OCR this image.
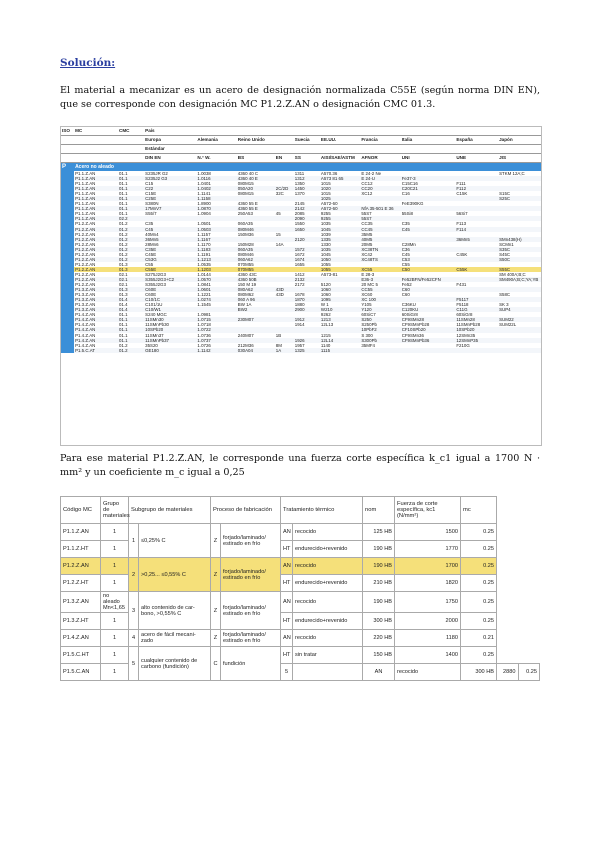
Solución:
El material a mecanizar es un acero de designación normalizada C55E (según norma DIN EN), que se corresponde con designación MC P1.2.Z.AN o designación CMC 01.3.
ISO	MC	CMC	País									
			Europa	Alemania	Reino Unido		Suecia	EE.UU.	Francia	Italia	España	Japón
			Estándar									
			DIN EN	N.° W.	BS	EN	SS	AISI/SAE/ASTM	AFNOR	UNI	UNE	JIS
P	Acero no aleado											
	P1.1.Z.AN	01.1	S235JR G2	1.0038	4360 40 C		1311	A570.36	E 24-2 Ne			STKM 12A;C
	P1.1.Z.AN	01.1	S235J2 G3	1.0116	4360 40 E		1312	A573 81 65	E 24-U	Fe37-3		
	P1.1.Z.AN	01.1	C15	1.0401	080M15		1350	1015	CC12	C15C16	F111	
	P1.1.Z.AN	01.1	C22	1.0402	050A20	2C/2D	1450	1020	CC20	C20C21	F112	
	P1.1.Z.AN	01.1	C15E	1.1141	080M15	32C	1370	1015	XC12	C16	C15K	S15C
	P1.1.Z.AN	01.1	C25E	1.1158				1025				S25C
	P1.1.Z.AN	01.1	S380N	1.8900	4360 55 E		2145	A572-60		FeE390KG		
	P1.1.Z.AN	01.1	17MnV7	1.0870	4360 55 E		2142	A572-60	NfA 35-501 E 36			
	P1.1.Z.AN	01.1	S55/7	1.0904	250A53	45	2085	9255	55S7	55Si8	56Si7	
	P1.1.Z.AN	02.2					2090	9255	55S7			
	P1.2.Z.AN	01.2	C35	1.0501	060A35		1550	1035	CC35	C35	F113	
	P1.2.Z.AN	01.2	C45	1.0503	080M46		1650	1045	CC45	C45	F114	
	P1.2.Z.AN	01.2	40Mn4	1.1157	150M36	15		1039	35M5			
	P1.2.Z.AN	01.2	36Mn5	1.1167			2120	1335	40M5		36Mn5	SMn438(H)
	P1.2.Z.AN	01.2	28Mn6	1.1170	150M28	14A		1330	20M5	C28Mn		SCMn1
	P1.2.Z.AN	01.2	C35E	1.1183	060A35		1572	1035	XC38TN	C36		S35C
	P1.2.Z.AN	01.2	C45E	1.1191	080M46		1672	1045	XC42	C45	C45K	S45C
	P1.2.Z.AN	01.2	C53G	1.1213	060A62		1674	1050	XC48TS	C53		S50C
	P1.2.Z.AN	01.3	C55	1.0535	070M55		1655	1055		C55		
	P1.2.Z.AN	01.3	C55E	1.1203	070M55			1055	XC55	C50	C55K	S55C
	P1.2.Z.AN	02.1	S275J2G3	1.0144	4360 43C		1412	A573-81	E 28-3			SM 400A;B;C
	P1.2.Z.AN	02.1	S355J2G3+C2	1.0570	4360 50B		2132		E36-3	Fe52BFN/Fe52CFN		SM490A;B;C;YA;YB
	P1.2.Z.AN	02.1	S355J2G3	1.0841	150 M 19		2172	5120	20 MC 5	Fe52	F431	
	P1.3.Z.AN	01.3	C60E	1.0601	080A62	43D		1060	CC55	C60		
	P1.3.Z.AN	01.3	C60E	1.1221	080M62	43D	1678	1060	XC60	C60		S58C
	P1.3.Z.AN	01.4	C10/1C	1.0274	060 A 96		1870	1095	XC 100		F5117	
	P1.3.Z.AN	01.4	C101/1U	1.1545	BW 1A		1880	W 1	Y105	C36KU	F5118	SK 3
	P1.3.Z.AN	01.4	C10/W1		BW2		2900	W210	Y120	C120KU	C11G	SUP4
	P1.4.Z.AN	01.1	S240 MGC	1.0981				9262	60SiC7	60SiGr8	60SiGr8	
	P1.4.Z.AN	01.1	11SMn30	1.0715	230M07		1912	1213	S250	CF9SMn28	11SMn28	SUM22
	P1.4.Z.AN	01.1	11SMnPb30	1.0718			1914	12L13	S250Pb	CF9SMnPb28	11SMnPb28	SUM22L
	P1.4.Z.AN	01.1	10SPb20	1.0722					10PbF2	CF10SPb20	10SPb20	
	P1.4.Z.AN	01.1	11SMn37	1.0736	240M07	1B		1215	S 300	CF9SMn36	12SMn35	
	P1.4.Z.AN	01.1	11SMnPb37	1.0737			1926	12L14	S300Pb	CF9SMnPb36	12SMnP35	
	P1.4.Z.AN	01.2	35S20	1.0726	212M36	8M	1957	1140	35MF4		F210G	
	P1.5.C.AT	01.2	GE180	1.1142	030A04	1A	1325	1115				
Para ese material P1.2.Z.AN, le corresponde una fuerza corte específica k_c1 igual a 1700 N · mm² y un coeficiente m_c igual a 0,25
Código MC	Grupo de materiales	Subgrupo de materiales		Proceso de fabricación		Tratamiento térmico		nom	Fuerza de corte específica, kc1 (N/mm²)	mc		
P1.1.Z.AN	1	1	≤0,25% C	Z	forjado/laminado/ estirado en frío	AN	recocido	125 HB	1500	0.25		
P1.1.Z.HT	1					HT	endurecido+revenido	190 HB	1770	0.25		
P1.2.Z.AN	1	2	>0,25... ≤0,55% C	Z	forjado/laminado/ estirado en frío	AN	recocido	190 HB	1700	0.25		
P1.2.Z.HT	1					HT	endurecido+revenido	210 HB	1820	0.25		
P1.3.Z.AN	no aleado Mn<1,65	3	alto contenido de car- bono, >0,55% C	Z	forjado/laminado/ estirado en frío	AN	recocido	190 HB	1750	0.25		
P1.3.Z.HT	1					HT	endurecido+revenido	300 HB	2000	0.25		
P1.4.Z.AN	1	4	acero de fácil mecani- zado	Z	forjado/laminado/ estirado en frío	AN	recocido	220 HB	1180	0.21		
P1.5.C.HT	1	5	cualquier contenido de carbono (fundición)	C	fundición	HT	sin tratar	150 HB	1400	0.25		
P1.5.C.AN	1					5		AN	recocido	300 HB	2880	0.25
